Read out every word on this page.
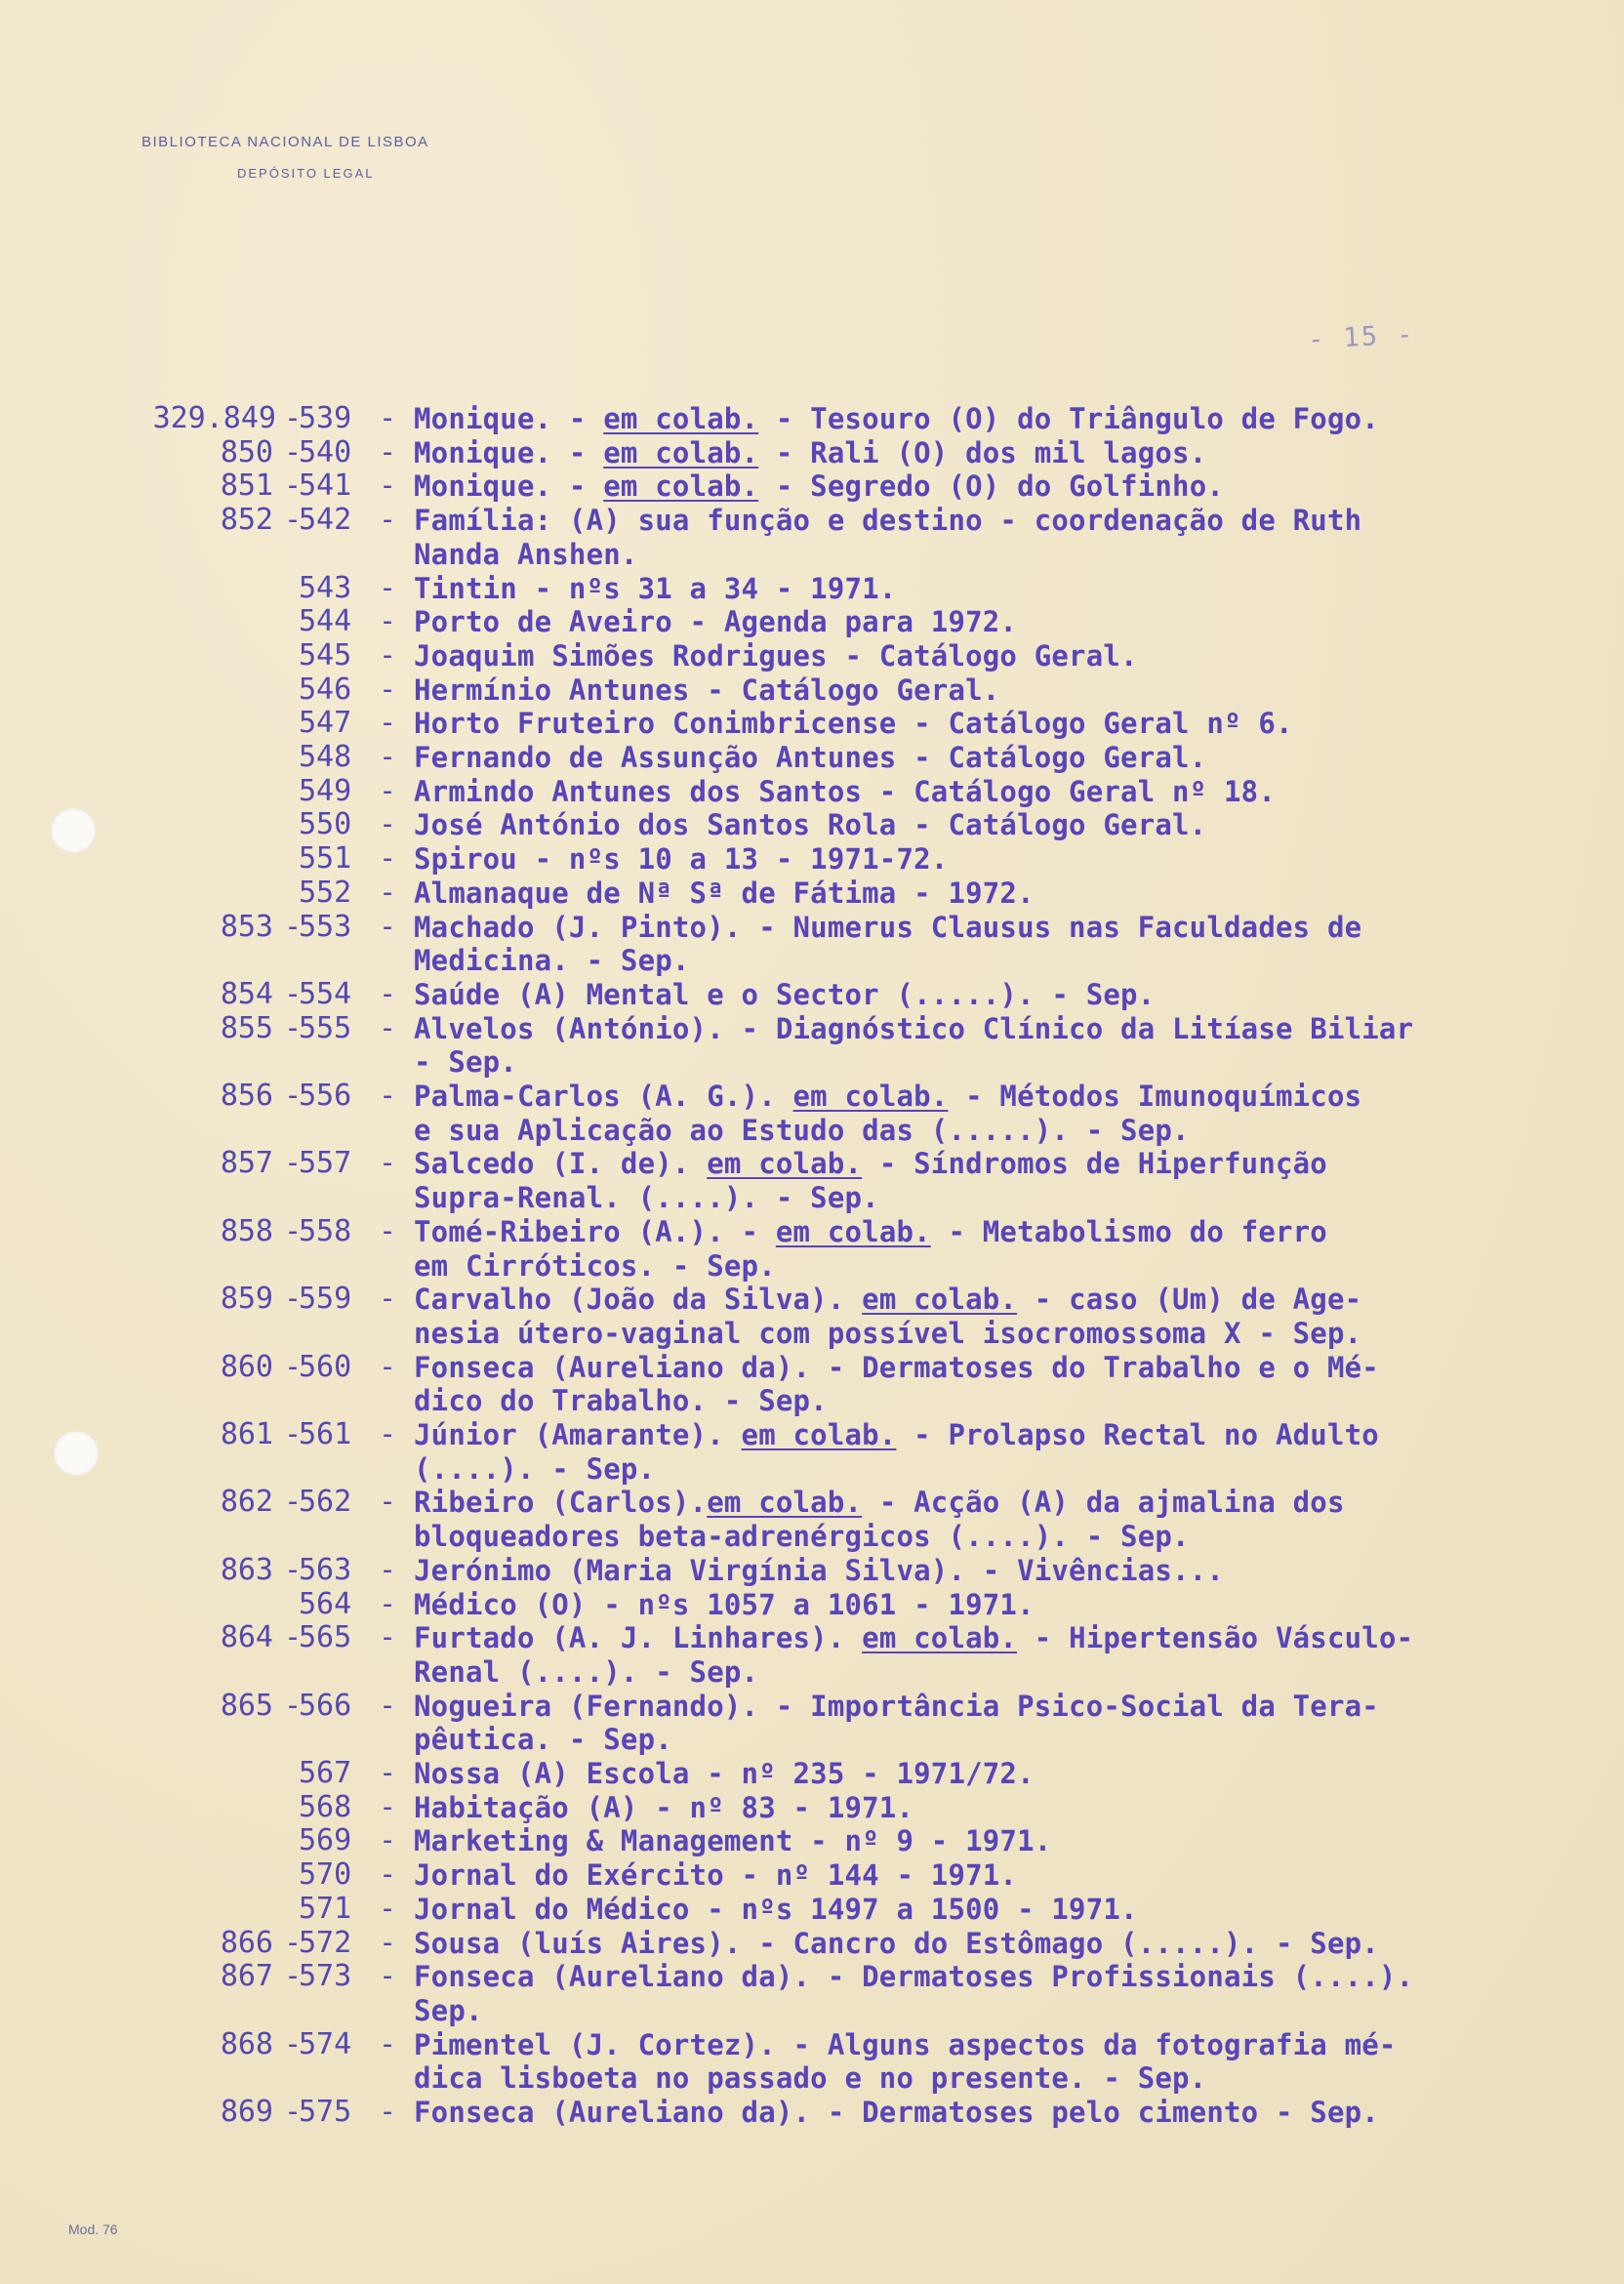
BIBLIOTECA NACIONAL DE LISBOA
DEPÓSITO LEGAL
- 15 -
329.849 -
539 - Monique. - em colab. - Tesouro (O) do Triângulo de Fogo.
850 -
540 - Monique. - em colab. - Rali (O) dos mil lagos.
851 -
541 - Monique. - em colab. - Segredo (O) do Golfinho.
852 -
542 - Família: (A) sua função e destino - coordenação de Ruth
Nanda Anshen.
543 - Tintin - nºs 31 a 34 - 1971.
544 - Porto de Aveiro - Agenda para 1972.
545 - Joaquim Simões Rodrigues - Catálogo Geral.
546 - Hermínio Antunes - Catálogo Geral.
547 - Horto Fruteiro Conimbricense - Catálogo Geral nº 6.
548 - Fernando de Assunção Antunes - Catálogo Geral.
549 - Armindo Antunes dos Santos - Catálogo Geral nº 18.
550 - José António dos Santos Rola - Catálogo Geral.
551 - Spirou - nºs 10 a 13 - 1971-72.
552 - Almanaque de Nª Sª de Fátima - 1972.
853 -
553 - Machado (J. Pinto). - Numerus Clausus nas Faculdades de
Medicina. - Sep.
854 -
554 - Saúde (A) Mental e o Sector (.....). - Sep.
855 -
555 - Alvelos (António). - Diagnóstico Clínico da Litíase Biliar
- Sep.
856 -
556 - Palma-Carlos (A. G.). em colab. - Métodos Imunoquímicos
e sua Aplicação ao Estudo das (.....). - Sep.
857 -
557 - Salcedo (I. de). em colab. - Síndromos de Hiperfunção
Supra-Renal. (....). - Sep.
858 -
558 - Tomé-Ribeiro (A.). - em colab. - Metabolismo do ferro
em Cirróticos. - Sep.
859 -
559 - Carvalho (João da Silva). em colab. - caso (Um) de Age-
nesia útero-vaginal com possível isocromossoma X - Sep.
860 -
560 - Fonseca (Aureliano da). - Dermatoses do Trabalho e o Mé-
dico do Trabalho. - Sep.
861 -
561 - Júnior (Amarante). em colab. - Prolapso Rectal no Adulto
(....). - Sep.
862 -
562 - Ribeiro (Carlos).em colab. - Acção (A) da ajmalina dos
bloqueadores beta-adrenérgicos (....). - Sep.
863 -
563 - Jerónimo (Maria Virgínia Silva). - Vivências...
564 - Médico (O) - nºs 1057 a 1061 - 1971.
864 -
565 - Furtado (A. J. Linhares). em colab. - Hipertensão Vásculo-
Renal (....). - Sep.
865 -
566 - Nogueira (Fernando). - Importância Psico-Social da Tera-
pêutica. - Sep.
567 - Nossa (A) Escola - nº 235 - 1971/72.
568 - Habitação (A) - nº 83 - 1971.
569 - Marketing & Management - nº 9 - 1971.
570 - Jornal do Exército - nº 144 - 1971.
571 - Jornal do Médico - nºs 1497 a 1500 - 1971.
866 -
572 - Sousa (luís Aires). - Cancro do Estômago (.....). - Sep.
867 -
573 - Fonseca (Aureliano da). - Dermatoses Profissionais (....).
Sep.
868 -
574 - Pimentel (J. Cortez). - Alguns aspectos da fotografia mé-
dica lisboeta no passado e no presente. - Sep.
869 -
575 - Fonseca (Aureliano da). - Dermatoses pelo cimento - Sep.
Mod. 76
